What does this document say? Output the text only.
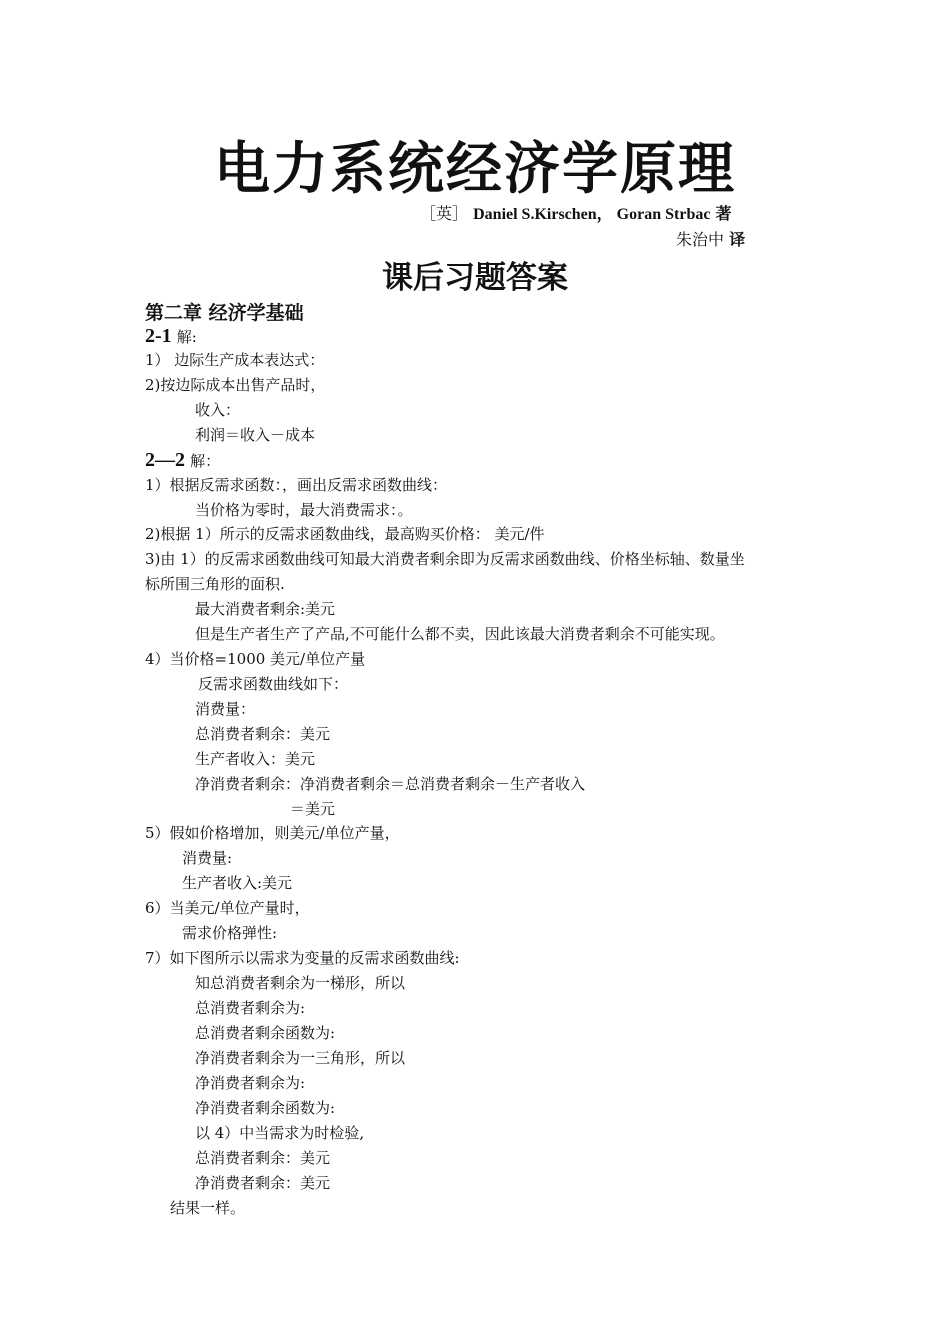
电力系统经济学原理
［英］ Daniel S.Kirschen， Goran Strbac 著
朱治中 译
课后习题答案
第二章 经济学基础
2-1 解:
1） 边际生产成本表达式：
2)按边际成本出售产品时，
收入：
利润＝收入－成本
2—2 解：
1）根据反需求函数：，画出反需求函数曲线：
当价格为零时，最大消费需求：。
2)根据 1）所示的反需求函数曲线，最高购买价格： 美元/件
3)由 1）的反需求函数曲线可知最大消费者剩余即为反需求函数曲线、价格坐标轴、数量坐
标所围三角形的面积.
最大消费者剩余:美元
但是生产者生产了产品,不可能什么都不卖，因此该最大消费者剩余不可能实现。
4）当价格=1000 美元/单位产量
反需求函数曲线如下：
消费量：
总消费者剩余：美元
生产者收入：美元
净消费者剩余：净消费者剩余＝总消费者剩余－生产者收入
＝美元
5）假如价格增加，则美元/单位产量，
消费量:
生产者收入:美元
6）当美元/单位产量时，
需求价格弹性:
7）如下图所示以需求为变量的反需求函数曲线:
知总消费者剩余为一梯形，所以
总消费者剩余为:
总消费者剩余函数为:
净消费者剩余为一三角形，所以
净消费者剩余为:
净消费者剩余函数为:
以 4）中当需求为时检验,
总消费者剩余：美元
净消费者剩余：美元
结果一样。
